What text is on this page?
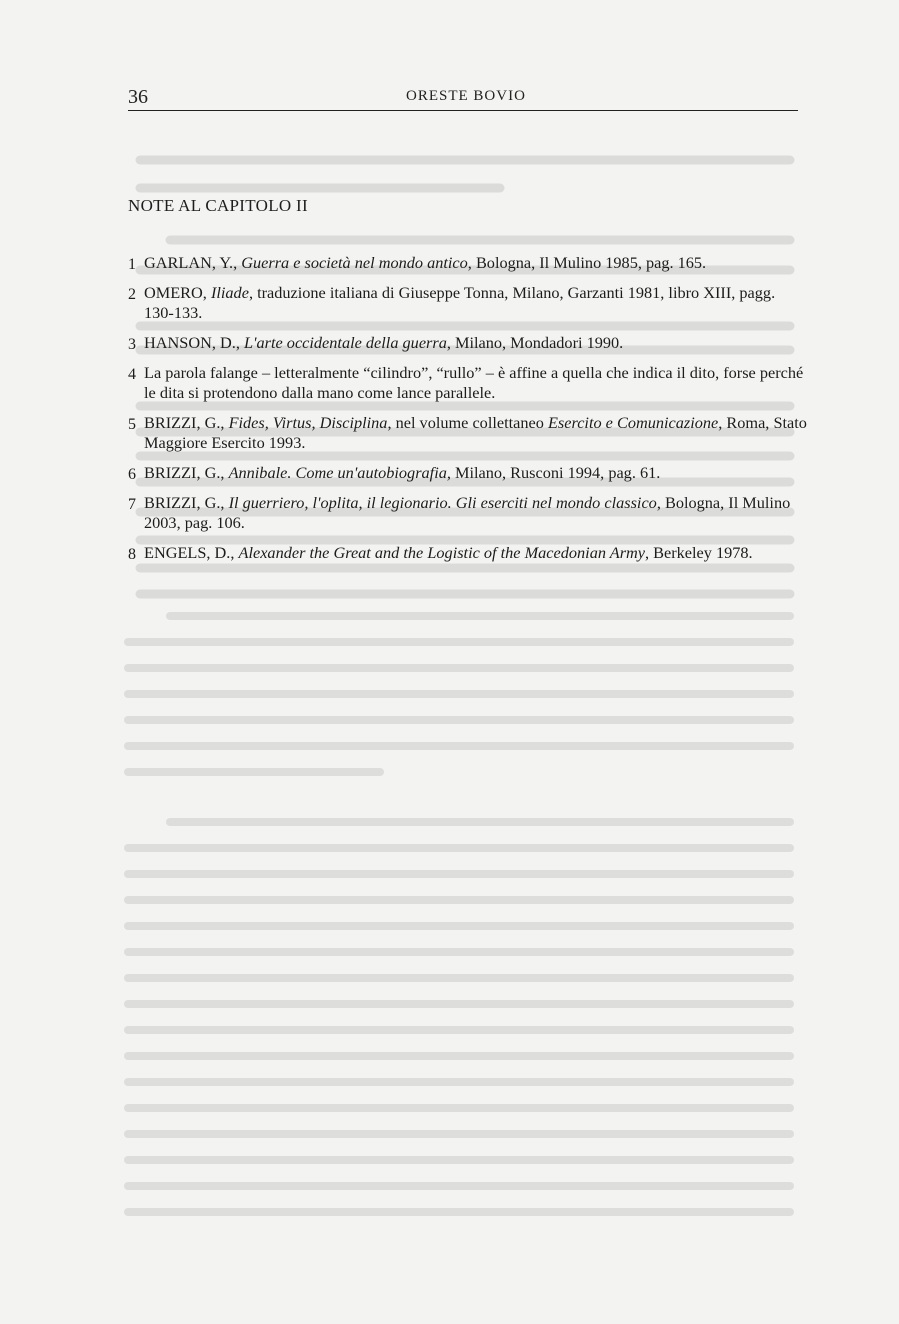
36	ORESTE BOVIO
NOTE AL CAPITOLO II
1 GARLAN, Y., Guerra e società nel mondo antico, Bologna, Il Mulino 1985, pag. 165.
2 OMERO, Iliade, traduzione italiana di Giuseppe Tonna, Milano, Garzanti 1981, libro XIII, pagg. 130-133.
3 HANSON, D., L'arte occidentale della guerra, Milano, Mondadori 1990.
4 La parola falange – letteralmente “cilindro”, “rullo” – è affine a quella che indica il dito, forse perché le dita si protendono dalla mano come lance parallele.
5 BRIZZI, G., Fides, Virtus, Disciplina, nel volume collettaneo Esercito e Comunicazione, Roma, Stato Maggiore Esercito 1993.
6 BRIZZI, G., Annibale. Come un'autobiografia, Milano, Rusconi 1994, pag. 61.
7 BRIZZI, G., Il guerriero, l'oplita, il legionario. Gli eserciti nel mondo classico, Bologna, Il Mulino 2003, pag. 106.
8 ENGELS, D., Alexander the Great and the Logistic of the Macedonian Army, Berkeley 1978.
